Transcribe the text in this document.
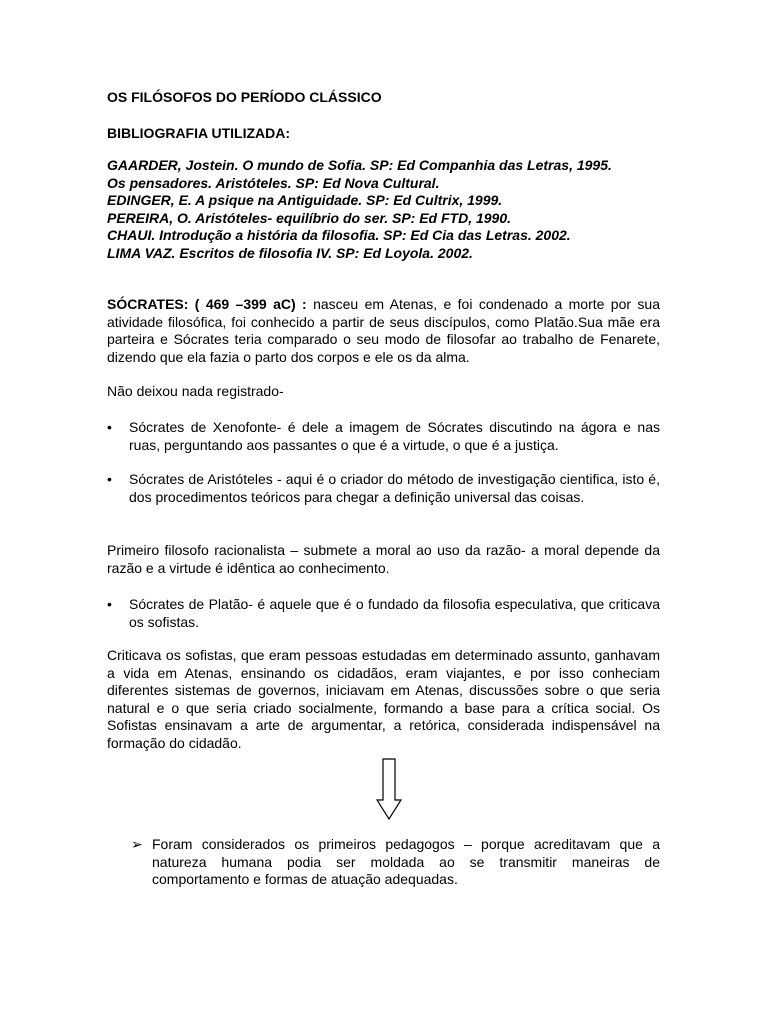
OS FILÓSOFOS DO PERÍODO CLÁSSICO
BIBLIOGRAFIA UTILIZADA:
GAARDER, Jostein. O mundo de Sofia. SP: Ed Companhia das Letras, 1995.
Os pensadores. Aristóteles. SP: Ed Nova Cultural.
EDINGER, E. A psique na Antiguidade. SP: Ed Cultrix, 1999.
PEREIRA, O. Aristóteles- equilíbrio do ser. SP: Ed FTD, 1990.
CHAUI. Introdução a história da filosofia. SP: Ed Cia das Letras. 2002.
LIMA VAZ. Escritos de filosofia IV. SP: Ed Loyola. 2002.
SÓCRATES: ( 469 –399 aC) : nasceu em Atenas, e foi condenado a morte por sua atividade filosófica, foi conhecido a partir de seus discípulos, como Platão.Sua mãe era parteira e Sócrates teria comparado o seu modo de filosofar ao trabalho de Fenarete, dizendo que ela fazia o parto dos corpos e ele os da alma.
Não deixou nada registrado-
•	Sócrates de Xenofonte- é dele a imagem de Sócrates discutindo na ágora e nas ruas, perguntando aos passantes o que é a virtude, o que é a justiça.
•	Sócrates de Aristóteles - aqui é o criador do método de investigação cientifica, isto é, dos procedimentos teóricos para chegar a definição universal das coisas.
Primeiro filosofo racionalista – submete a moral ao uso da razão- a moral depende da razão e a virtude é idêntica ao conhecimento.
•	Sócrates de Platão- é aquele que é o fundado da filosofia especulativa, que criticava os sofistas.
Criticava os sofistas, que eram pessoas estudadas em determinado assunto, ganhavam a vida em Atenas, ensinando os cidadãos, eram viajantes, e por isso conheciam diferentes sistemas de governos, iniciavam em Atenas, discussões sobre o que seria natural e o que seria criado socialmente, formando a base para a crítica social. Os Sofistas ensinavam a arte de argumentar, a retórica, considerada indispensável na formação do cidadão.
➢ Foram considerados os primeiros pedagogos – porque acreditavam que a natureza humana podia ser moldada ao se transmitir maneiras de comportamento e formas de atuação adequadas.
